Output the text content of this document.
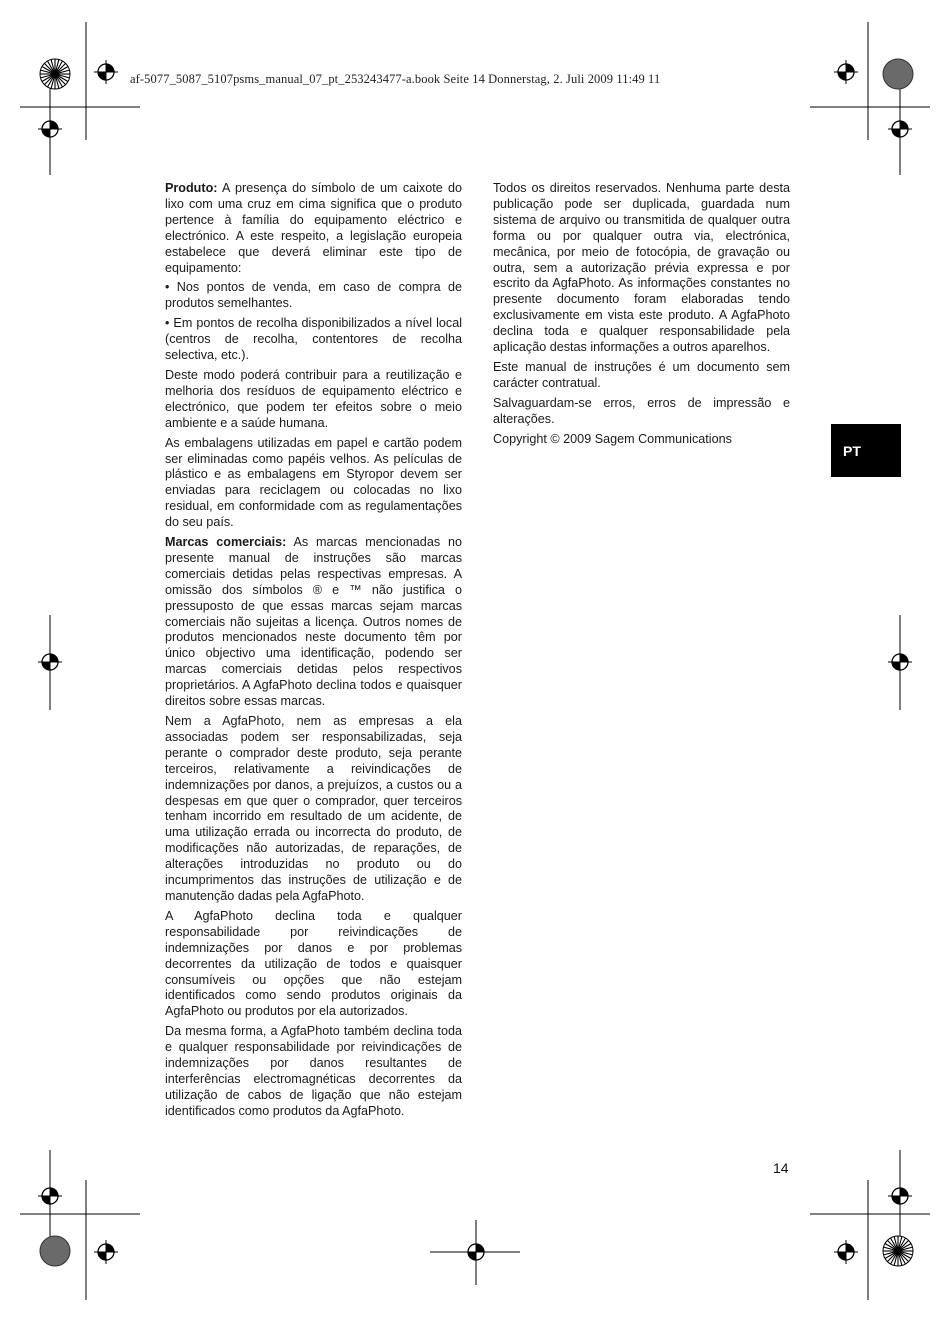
af-5077_5087_5107psms_manual_07_pt_253243477-a.book Seite 14 Donnerstag, 2. Juli 2009 11:49 11

Produto: A presença do símbolo de um caixote do lixo com uma cruz em cima significa que o produto pertence à família do equipamento eléctrico e electrónico. A este respeito, a legislação europeia estabelece que deverá eliminar este tipo de equipamento:

• Nos pontos de venda, em caso de compra de produtos semelhantes.

• Em pontos de recolha disponibilizados a nível local (centros de recolha, contentores de recolha selectiva, etc.).

Deste modo poderá contribuir para a reutilização e melhoria dos resíduos de equipamento eléctrico e electrónico, que podem ter efeitos sobre o meio ambiente e a saúde humana.

As embalagens utilizadas em papel e cartão podem ser eliminadas como papéis velhos. As películas de plástico e as embalagens em Styropor devem ser enviadas para reciclagem ou colocadas no lixo residual, em conformidade com as regulamentações do seu país.

Marcas comerciais: As marcas mencionadas no presente manual de instruções são marcas comerciais detidas pelas respectivas empresas. A omissão dos símbolos ® e ™ não justifica o pressuposto de que essas marcas sejam marcas comerciais não sujeitas a licença. Outros nomes de produtos mencionados neste documento têm por único objectivo uma identificação, podendo ser marcas comerciais detidas pelos respectivos proprietários. A AgfaPhoto declina todos e quaisquer direitos sobre essas marcas.

Nem a AgfaPhoto, nem as empresas a ela associadas podem ser responsabilizadas, seja perante o comprador deste produto, seja perante terceiros, relativamente a reivindicações de indemnizações por danos, a prejuízos, a custos ou a despesas em que quer o comprador, quer terceiros tenham incorrido em resultado de um acidente, de uma utilização errada ou incorrecta do produto, de modificações não autorizadas, de reparações, de alterações introduzidas no produto ou do incumprimentos das instruções de utilização e de manutenção dadas pela AgfaPhoto.

A AgfaPhoto declina toda e qualquer responsabilidade por reivindicações de indemnizações por danos e por problemas decorrentes da utilização de todos e quaisquer consumíveis ou opções que não estejam identificados como sendo produtos originais da AgfaPhoto ou produtos por ela autorizados.

Da mesma forma, a AgfaPhoto também declina toda e qualquer responsabilidade por reivindicações de indemnizações por danos resultantes de interferências electromagnéticas decorrentes da utilização de cabos de ligação que não estejam identificados como produtos da AgfaPhoto.

Todos os direitos reservados. Nenhuma parte desta publicação pode ser duplicada, guardada num sistema de arquivo ou transmitida de qualquer outra forma ou por qualquer outra via, electrónica, mecânica, por meio de fotocópia, de gravação ou outra, sem a autorização prévia expressa e por escrito da AgfaPhoto. As informações constantes no presente documento foram elaboradas tendo exclusivamente em vista este produto. A AgfaPhoto declina toda e qualquer responsabilidade pela aplicação destas informações a outros aparelhos.

Este manual de instruções é um documento sem carácter contratual.

Salvaguardam-se erros, erros de impressão e alterações.

Copyright © 2009 Sagem Communications

PT
14
